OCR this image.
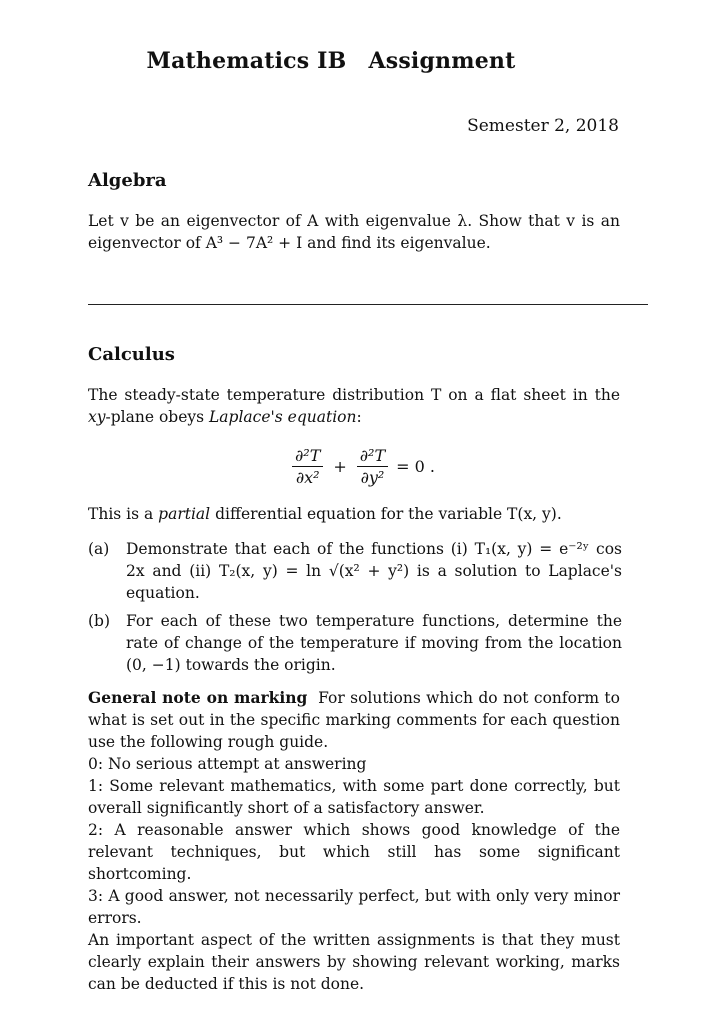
Mathematics IB Assignment
Semester 2, 2018
Algebra
Let v be an eigenvector of A with eigenvalue λ. Show that v is an
eigenvector of A³ − 7A² + I and find its eigenvalue.
Calculus
The steady-state temperature distribution T on a flat sheet in the
xy-plane obeys Laplace's equation:
$\frac{\text{∂²T}}{\text{∂x²}} + \frac{\text{∂²T}}{\text{∂y²}} = 0$ .
This is a partial differential equation for the variable T(x, y).
(a)	Demonstrate that each of the functions (i) T₁(x, y) = e⁻²ʸ cos 2x and (ii) T₂(x, y) = ln √(x² + y²) is a solution to Laplace's equation.
(b)	For each of these two temperature functions, determine the rate of change of the temperature if moving from the location (0, −1) towards the origin.

General note on marking For solutions which do not conform to what is set out in the specific marking comments for each question use the following rough guide.

0: No serious attempt at answering

1: Some relevant mathematics, with some part done correctly, but overall significantly short of a satisfactory answer.

2: A reasonable answer which shows good knowledge of the relevant techniques, but which still has some significant shortcoming.

3: A good answer, not necessarily perfect, but with only very minor errors.

An important aspect of the written assignments is that they must clearly explain their answers by showing relevant working, marks can be deducted if this is not done.
